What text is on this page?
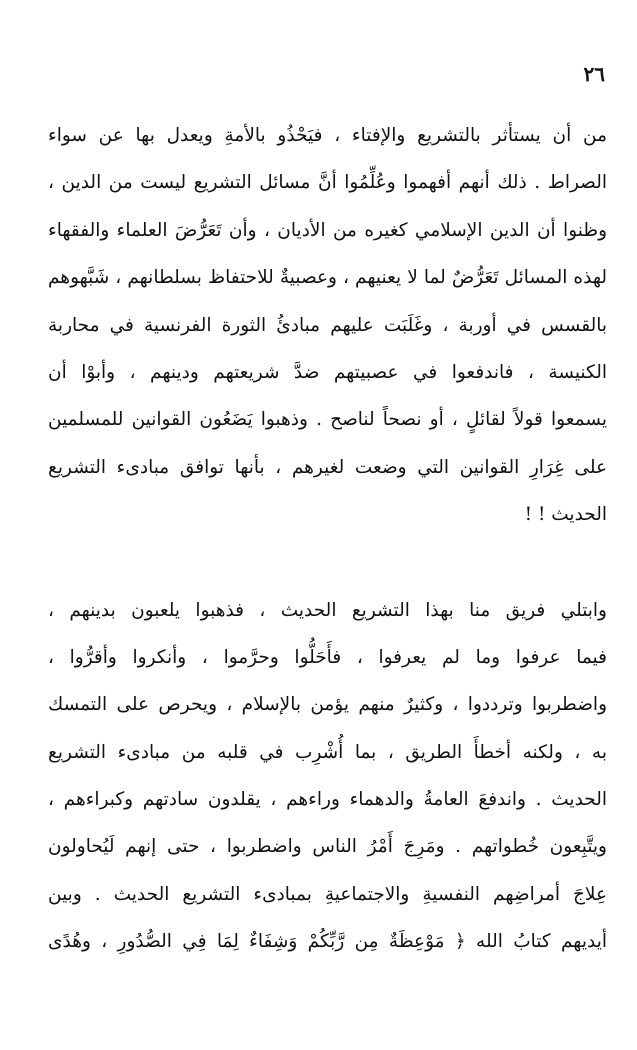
٢٦
من أن يستأثر بالتشريع والإفتاء ، فيَحْذُو بالأمةِ ويعدل بها عن سواء
الصراط . ذلك أنهم أفهموا وعُلِّمُوا أنَّ مسائل التشريع ليست من الدين ،
وظنوا أن الدين الإسلامي كغيره من الأديان ، وأن تَعَرُّضَ العلماء والفقهاء
لهذه المسائل تَعَرُّضٌ لما لا يعنيهم ، وعصبيةٌ للاحتفاظ بسلطانهم ، شَبَّهوهم
بالقسس في أوربة ، وغَلَبَت عليهم مبادئُ الثورة الفرنسية في محاربة
الكنيسة ، فاندفعوا في عصبيتهم ضدَّ شريعتهم ودينهم ، وأبوْا أن
يسمعوا قولاً لقائلٍ ، أو نصحاً لناصح . وذهبوا يَضَعُون القوانين للمسلمين
على غِرَارِ القوانين التي وضعت لغيرهم ، بأنها توافق مبادىء التشريع
الحديث ! !
وابتلي فريق منا بهذا التشريع الحديث ، فذهبوا يلعبون بدينهم ،
فيما عرفوا وما لم يعرفوا ، فأَحَلُّوا وحرَّموا ، وأنكروا وأقرُّوا ،
واضطربوا وترددوا ، وكثيرٌ منهم يؤمن بالإسلام ، ويحرص على التمسك
به ، ولكنه أخطأَ الطريق ، بما أُشْرِب في قلبه من مبادىء التشريع
الحديث . واندفعَ العامةُ والدهماء وراءهم ، يقلدون سادتهم وكبراءهم ،
ويتَّبِعون خُطواتهم . ومَرِجَ أَمْرُ الناس واضطربوا ، حتى إنهم لَيُحاولون
عِلاجَ أمراضِهم النفسيةِ والاجتماعيةِ بمبادىء التشريع الحديث . وبين
أيديهم كتابُ الله ﴿ مَوْعِظَةٌ مِن رَّبِّكُمْ وَشِفَاءٌ لِمَا فِي الصُّدُورِ ، وهُدًى
